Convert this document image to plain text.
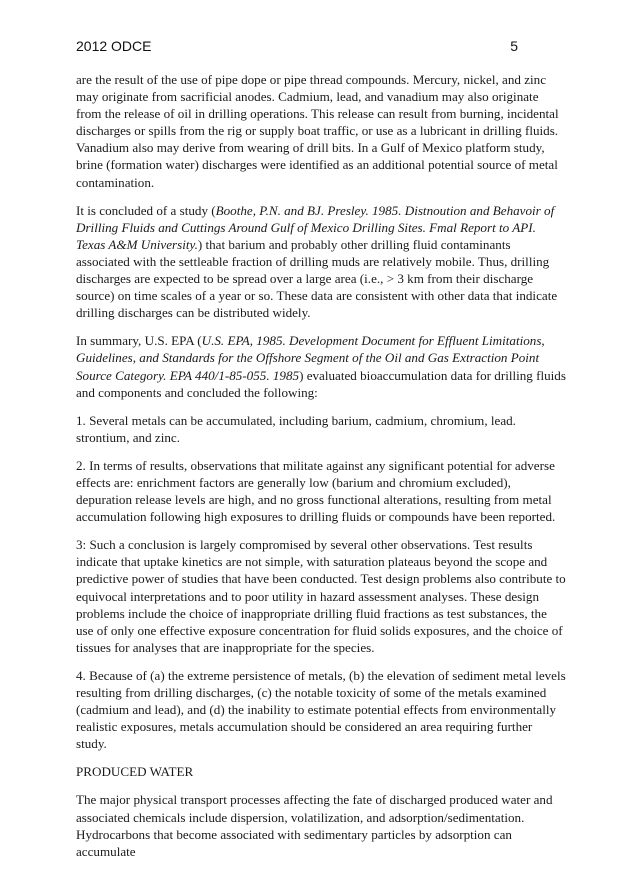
2012 ODCE	5

are the result of the use of pipe dope or pipe thread compounds. Mercury, nickel, and zinc may originate from sacrificial anodes. Cadmium, lead, and vanadium may also originate from the release of oil in drilling operations. This release can result from burning, incidental discharges or spills from the rig or supply boat traffic, or use as a lubricant in drilling fluids. Vanadium also may derive from wearing of drill bits. In a Gulf of Mexico platform study, brine (formation water) discharges were identified as an additional potential source of metal contamination.

It is concluded of a study (Boothe, P.N. and BJ. Presley. 1985. Distnoution and Behavoir of Drilling Fluids and Cuttings Around Gulf of Mexico Drilling Sites. Fmal Report to API. Texas A&M University.) that barium and probably other drilling fluid contaminants associated with the settleable fraction of drilling muds are relatively mobile. Thus, drilling discharges are expected to be spread over a large area (i.e., > 3 km from their discharge source) on time scales of a year or so. These data are consistent with other data that indicate drilling discharges can be distributed widely.

In summary, U.S. EPA (U.S. EPA, 1985. Development Document for Effluent Limitations, Guidelines, and Standards for the Offshore Segment of the Oil and Gas Extraction Point Source Category. EPA 440/1-85-055. 1985) evaluated bioaccumulation data for drilling fluids and components and concluded the following:

1. Several metals can be accumulated, including barium, cadmium, chromium, lead. strontium, and zinc.

2. In terms of results, observations that militate against any significant potential for adverse effects are: enrichment factors are generally low (barium and chromium excluded), depuration release levels are high, and no gross functional alterations, resulting from metal accumulation following high exposures to drilling fluids or compounds have been reported.

3: Such a conclusion is largely compromised by several other observations. Test results indicate that uptake kinetics are not simple, with saturation plateaus beyond the scope and predictive power of studies that have been conducted. Test design problems also contribute to equivocal interpretations and to poor utility in hazard assessment analyses. These design problems include the choice of inappropriate drilling fluid fractions as test substances, the use of only one effective exposure concentration for fluid solids exposures, and the choice of tissues for analyses that are inappropriate for the species.

4. Because of (a) the extreme persistence of metals, (b) the elevation of sediment metal levels resulting from drilling discharges, (c) the notable toxicity of some of the metals examined (cadmium and lead), and (d) the inability to estimate potential effects from environmentally realistic exposures, metals accumulation should be considered an area requiring further study.

PRODUCED WATER

The major physical transport processes affecting the fate of discharged produced water and associated chemicals include dispersion, volatilization, and adsorption/sedimentation. Hydrocarbons that become associated with sedimentary particles by adsorption can accumulate
